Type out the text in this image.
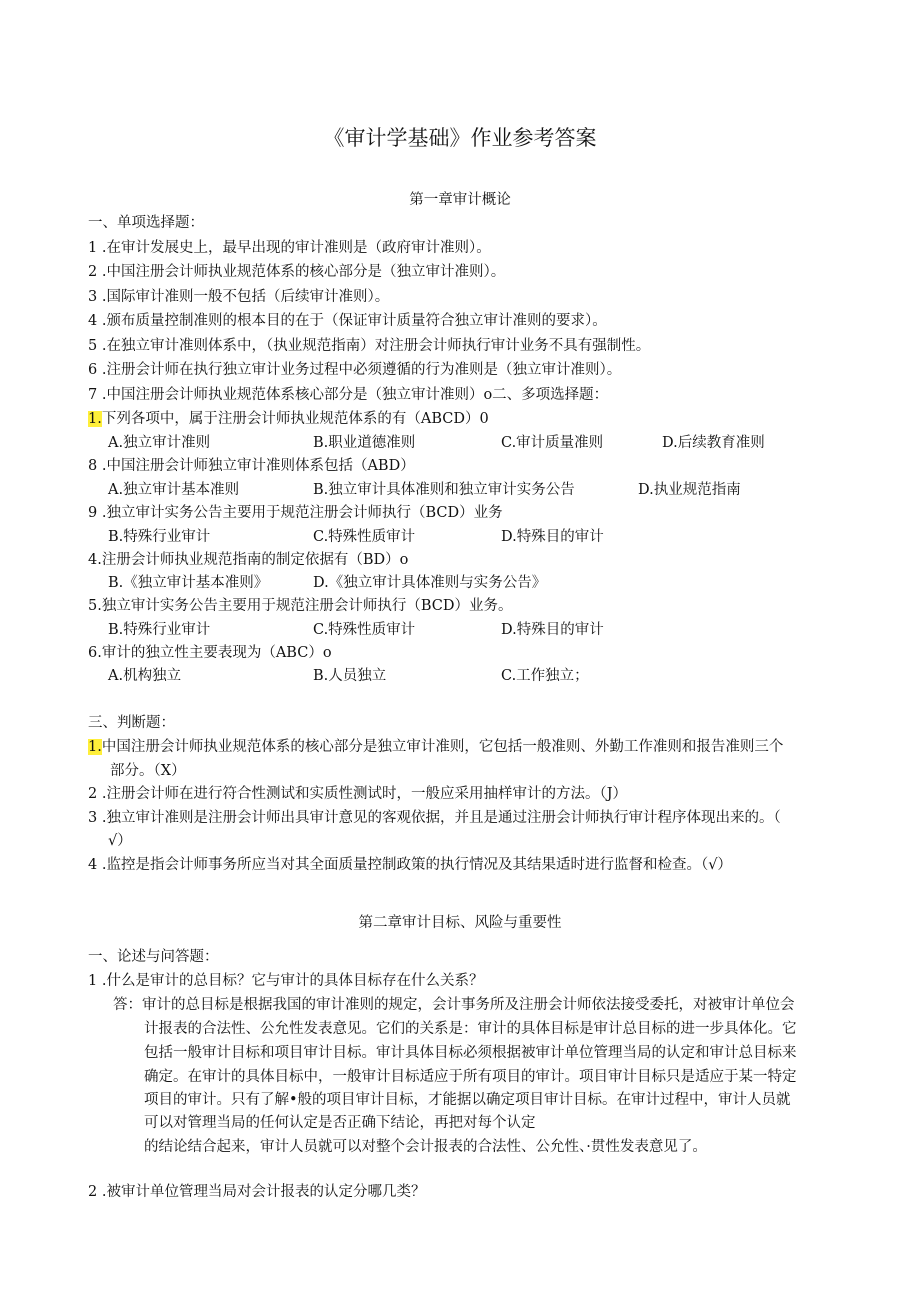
《审计学基础》作业参考答案
第一章审计概论
一、单项选择题：
1 .在审计发展史上，最早出现的审计准则是（政府审计准则）。
2 .中国注册会计师执业规范体系的核心部分是（独立审计准则）。
3 .国际审计准则一般不包括（后续审计准则）。
4 .颁布质量控制准则的根本目的在于（保证审计质量符合独立审计准则的要求）。
5 .在独立审计准则体系中，（执业规范指南）对注册会计师执行审计业务不具有强制性。
6 .注册会计师在执行独立审计业务过程中必须遵循的行为准则是（独立审计准则）。
7 .中国注册会计师执业规范体系核心部分是（独立审计准则）o二、多项选择题：
1.下列各项中，属于注册会计师执业规范体系的有（ABCD）0
A.独立审计准则	B.职业道德准则	C.审计质量准则	D.后续教育准则
8 .中国注册会计师独立审计准则体系包括（ABD）
A.独立审计基本准则	B.独立审计具体准则和独立审计实务公告	D.执业规范指南
9 .独立审计实务公告主要用于规范注册会计师执行（BCD）业务
B.特殊行业审计	C.特殊性质审计	D.特殊目的审计
4.注册会计师执业规范指南的制定依据有（BD）o
B.《独立审计基本准则》	D.《独立审计具体准则与实务公告》
5.独立审计实务公告主要用于规范注册会计师执行（BCD）业务。
B.特殊行业审计	C.特殊性质审计	D.特殊目的审计
6.审计的独立性主要表现为（ABC）o
A.机构独立	B.人员独立	C.工作独立；
三、判断题：
1.中国注册会计师执业规范体系的核心部分是独立审计准则，它包括一般准则、外勤工作准则和报告准则三个
部分。（X）
2 .注册会计师在进行符合性测试和实质性测试时，一般应采用抽样审计的方法。（J）
3 .独立审计准则是注册会计师出具审计意见的客观依据，并且是通过注册会计师执行审计程序体现出来的。（
√）
4 .监控是指会计师事务所应当对其全面质量控制政策的执行情况及其结果适时进行监督和检查。（√）
第二章审计目标、风险与重要性
一、论述与问答题：
1 .什么是审计的总目标？它与审计的具体目标存在什么关系？
答：审计的总目标是根据我国的审计准则的规定，会计事务所及注册会计师依法接受委托，对被审计单位会
计报表的合法性、公允性发表意见。它们的关系是：审计的具体目标是审计总目标的进一步具体化。它
包括一般审计目标和项目审计目标。审计具体目标必须根据被审计单位管理当局的认定和审计总目标来
确定。在审计的具体目标中，一般审计目标适应于所有项目的审计。项目审计目标只是适应于某一特定
项目的审计。只有了解•般的项目审计目标，才能据以确定项目审计目标。在审计过程中，审计人员就
可以对管理当局的任何认定是否正确下结论，再把对每个认定
的结论结合起来，审计人员就可以对整个会计报表的合法性、公允性、·贯性发表意见了。
2 .被审计单位管理当局对会计报表的认定分哪几类？
